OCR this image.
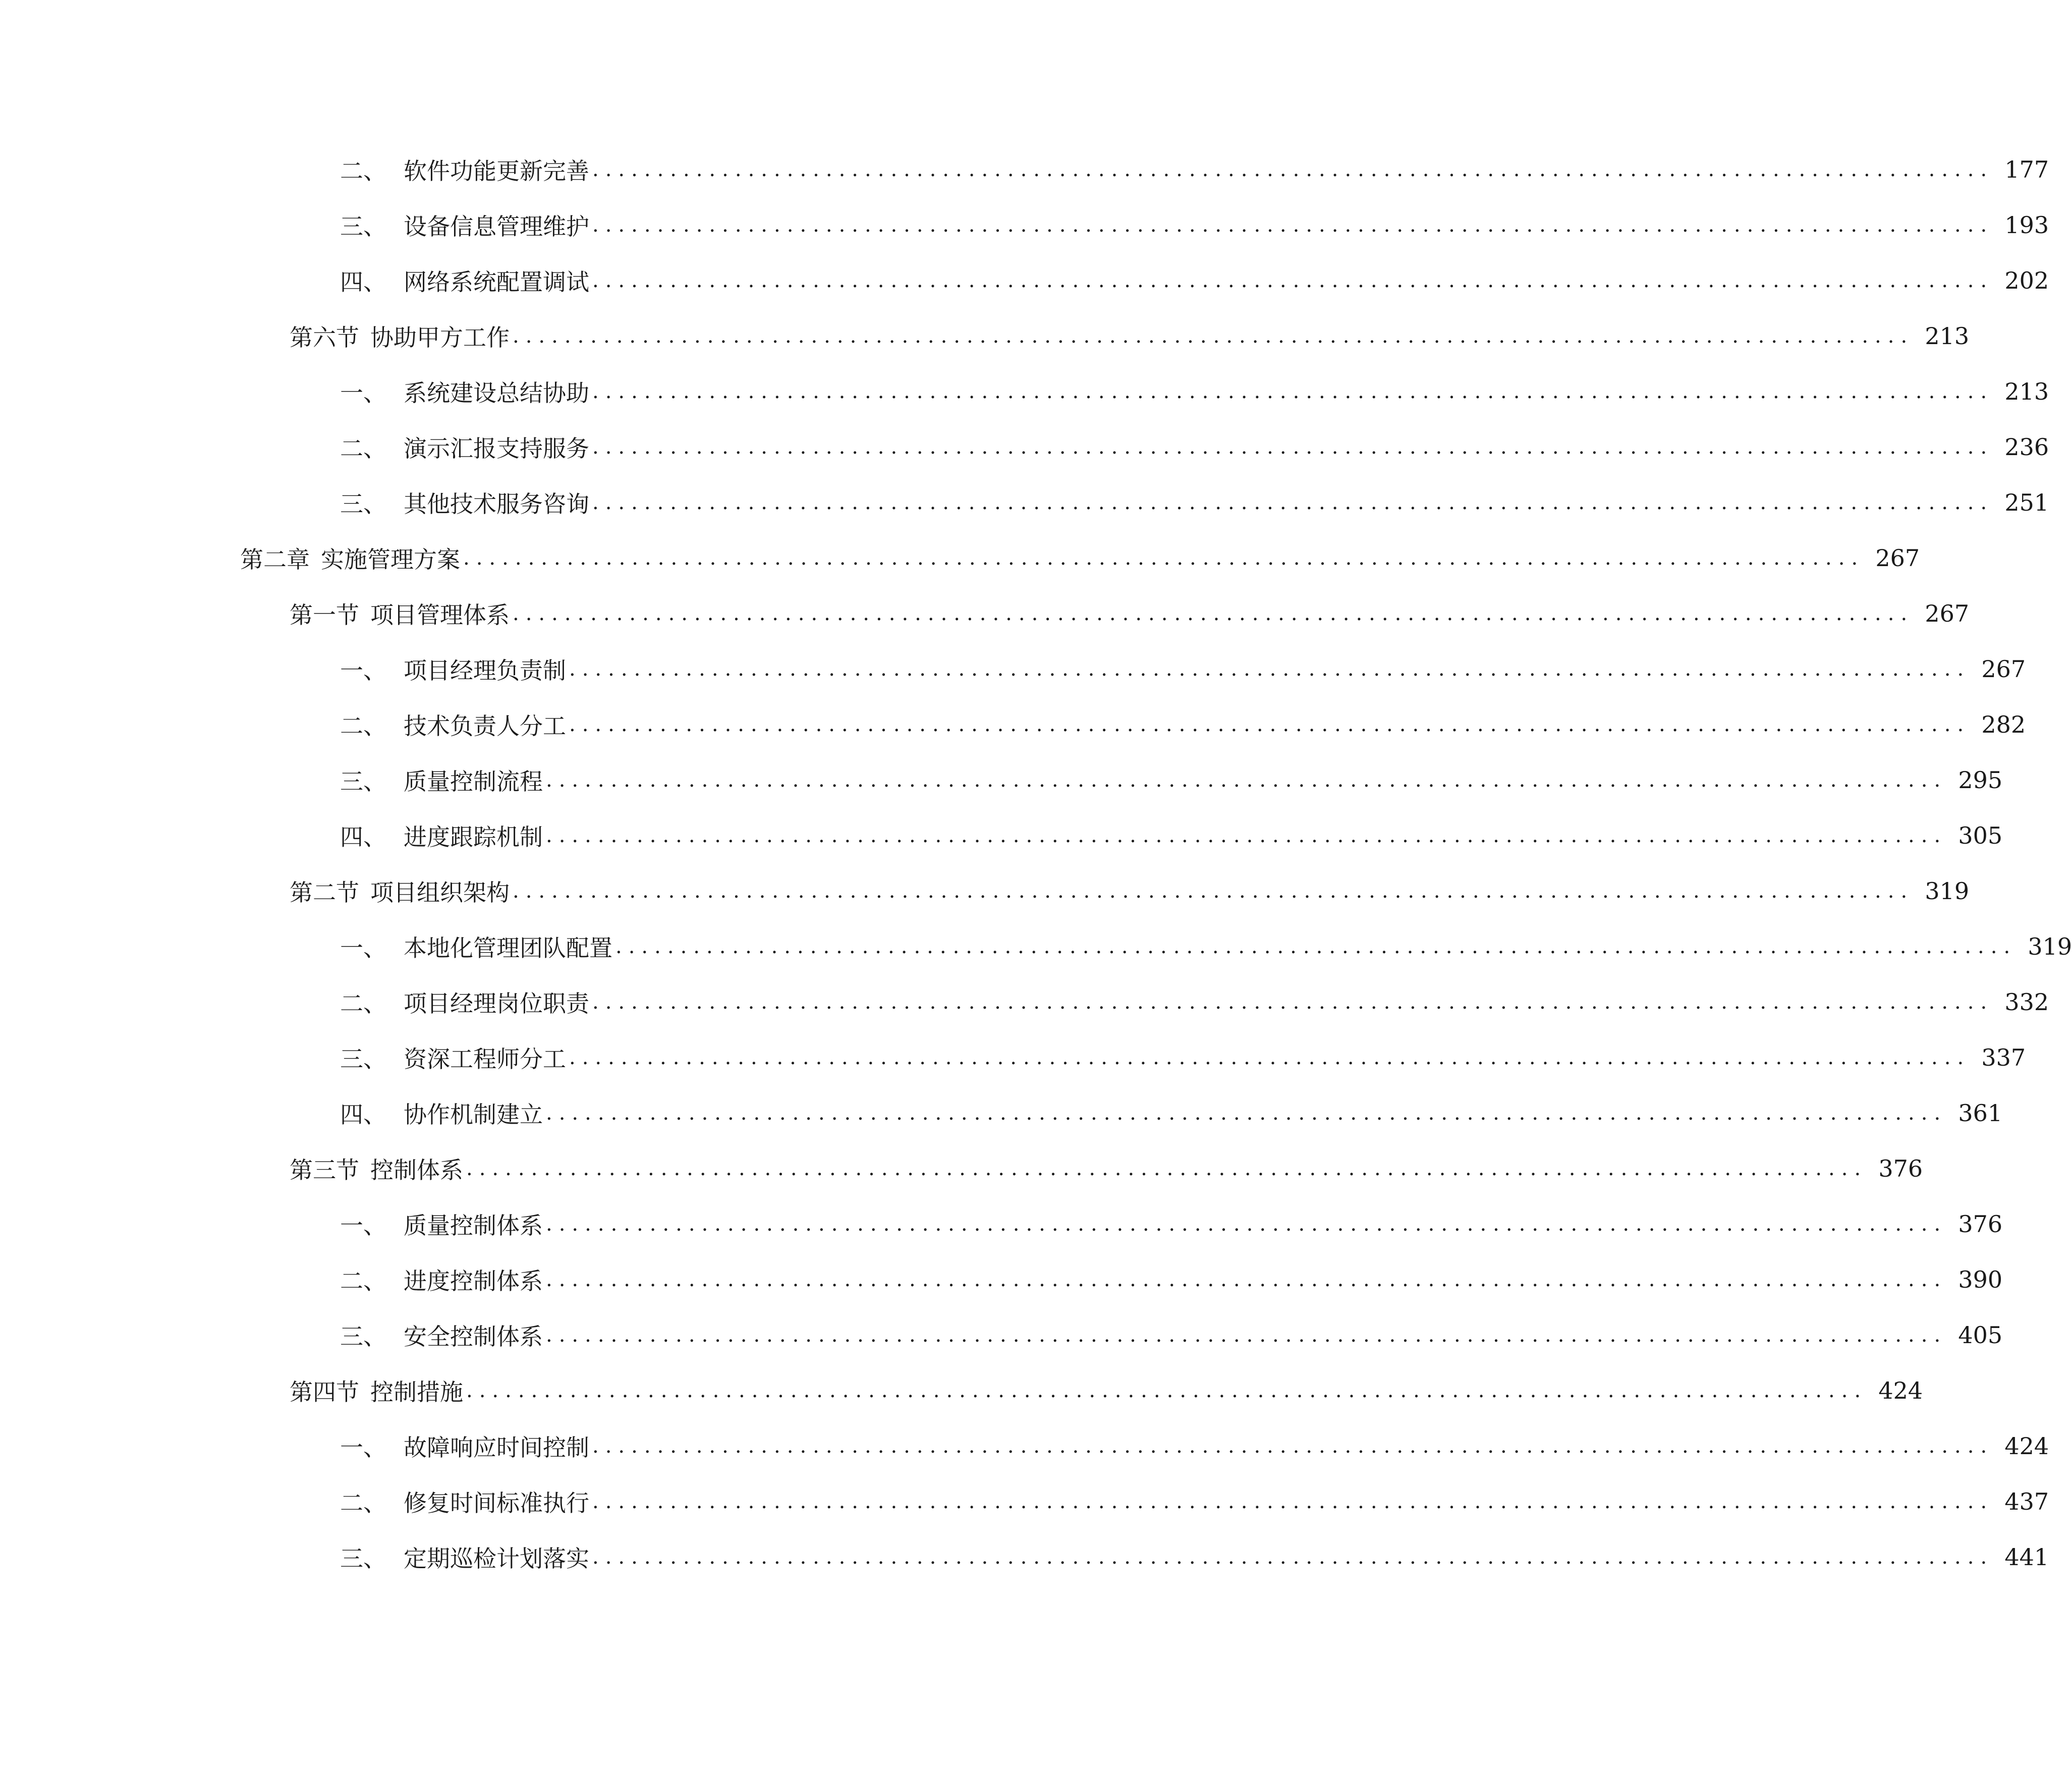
二、 软件功能更新完善 ............................................................................................................ 177
三、 设备信息管理维护 ............................................................................................................ 193
四、 网络系统配置调试 ............................................................................................................ 202
第六节 协助甲方工作 ............................................................................................................ 213
一、 系统建设总结协助 ............................................................................................................ 213
二、 演示汇报支持服务 ............................................................................................................ 236
三、 其他技术服务咨询 ............................................................................................................ 251
第二章 实施管理方案 ............................................................................................................ 267
第一节 项目管理体系 ............................................................................................................ 267
一、 项目经理负责制 ............................................................................................................ 267
二、 技术负责人分工 ............................................................................................................ 282
三、 质量控制流程 ............................................................................................................ 295
四、 进度跟踪机制 ............................................................................................................ 305
第二节 项目组织架构 ............................................................................................................ 319
一、 本地化管理团队配置 ............................................................................................................ 319
二、 项目经理岗位职责 ............................................................................................................ 332
三、 资深工程师分工 ............................................................................................................ 337
四、 协作机制建立 ............................................................................................................ 361
第三节 控制体系 ............................................................................................................ 376
一、 质量控制体系 ............................................................................................................ 376
二、 进度控制体系 ............................................................................................................ 390
三、 安全控制体系 ............................................................................................................ 405
第四节 控制措施 ............................................................................................................ 424
一、 故障响应时间控制 ............................................................................................................ 424
二、 修复时间标准执行 ............................................................................................................ 437
三、 定期巡检计划落实 ............................................................................................................ 441
